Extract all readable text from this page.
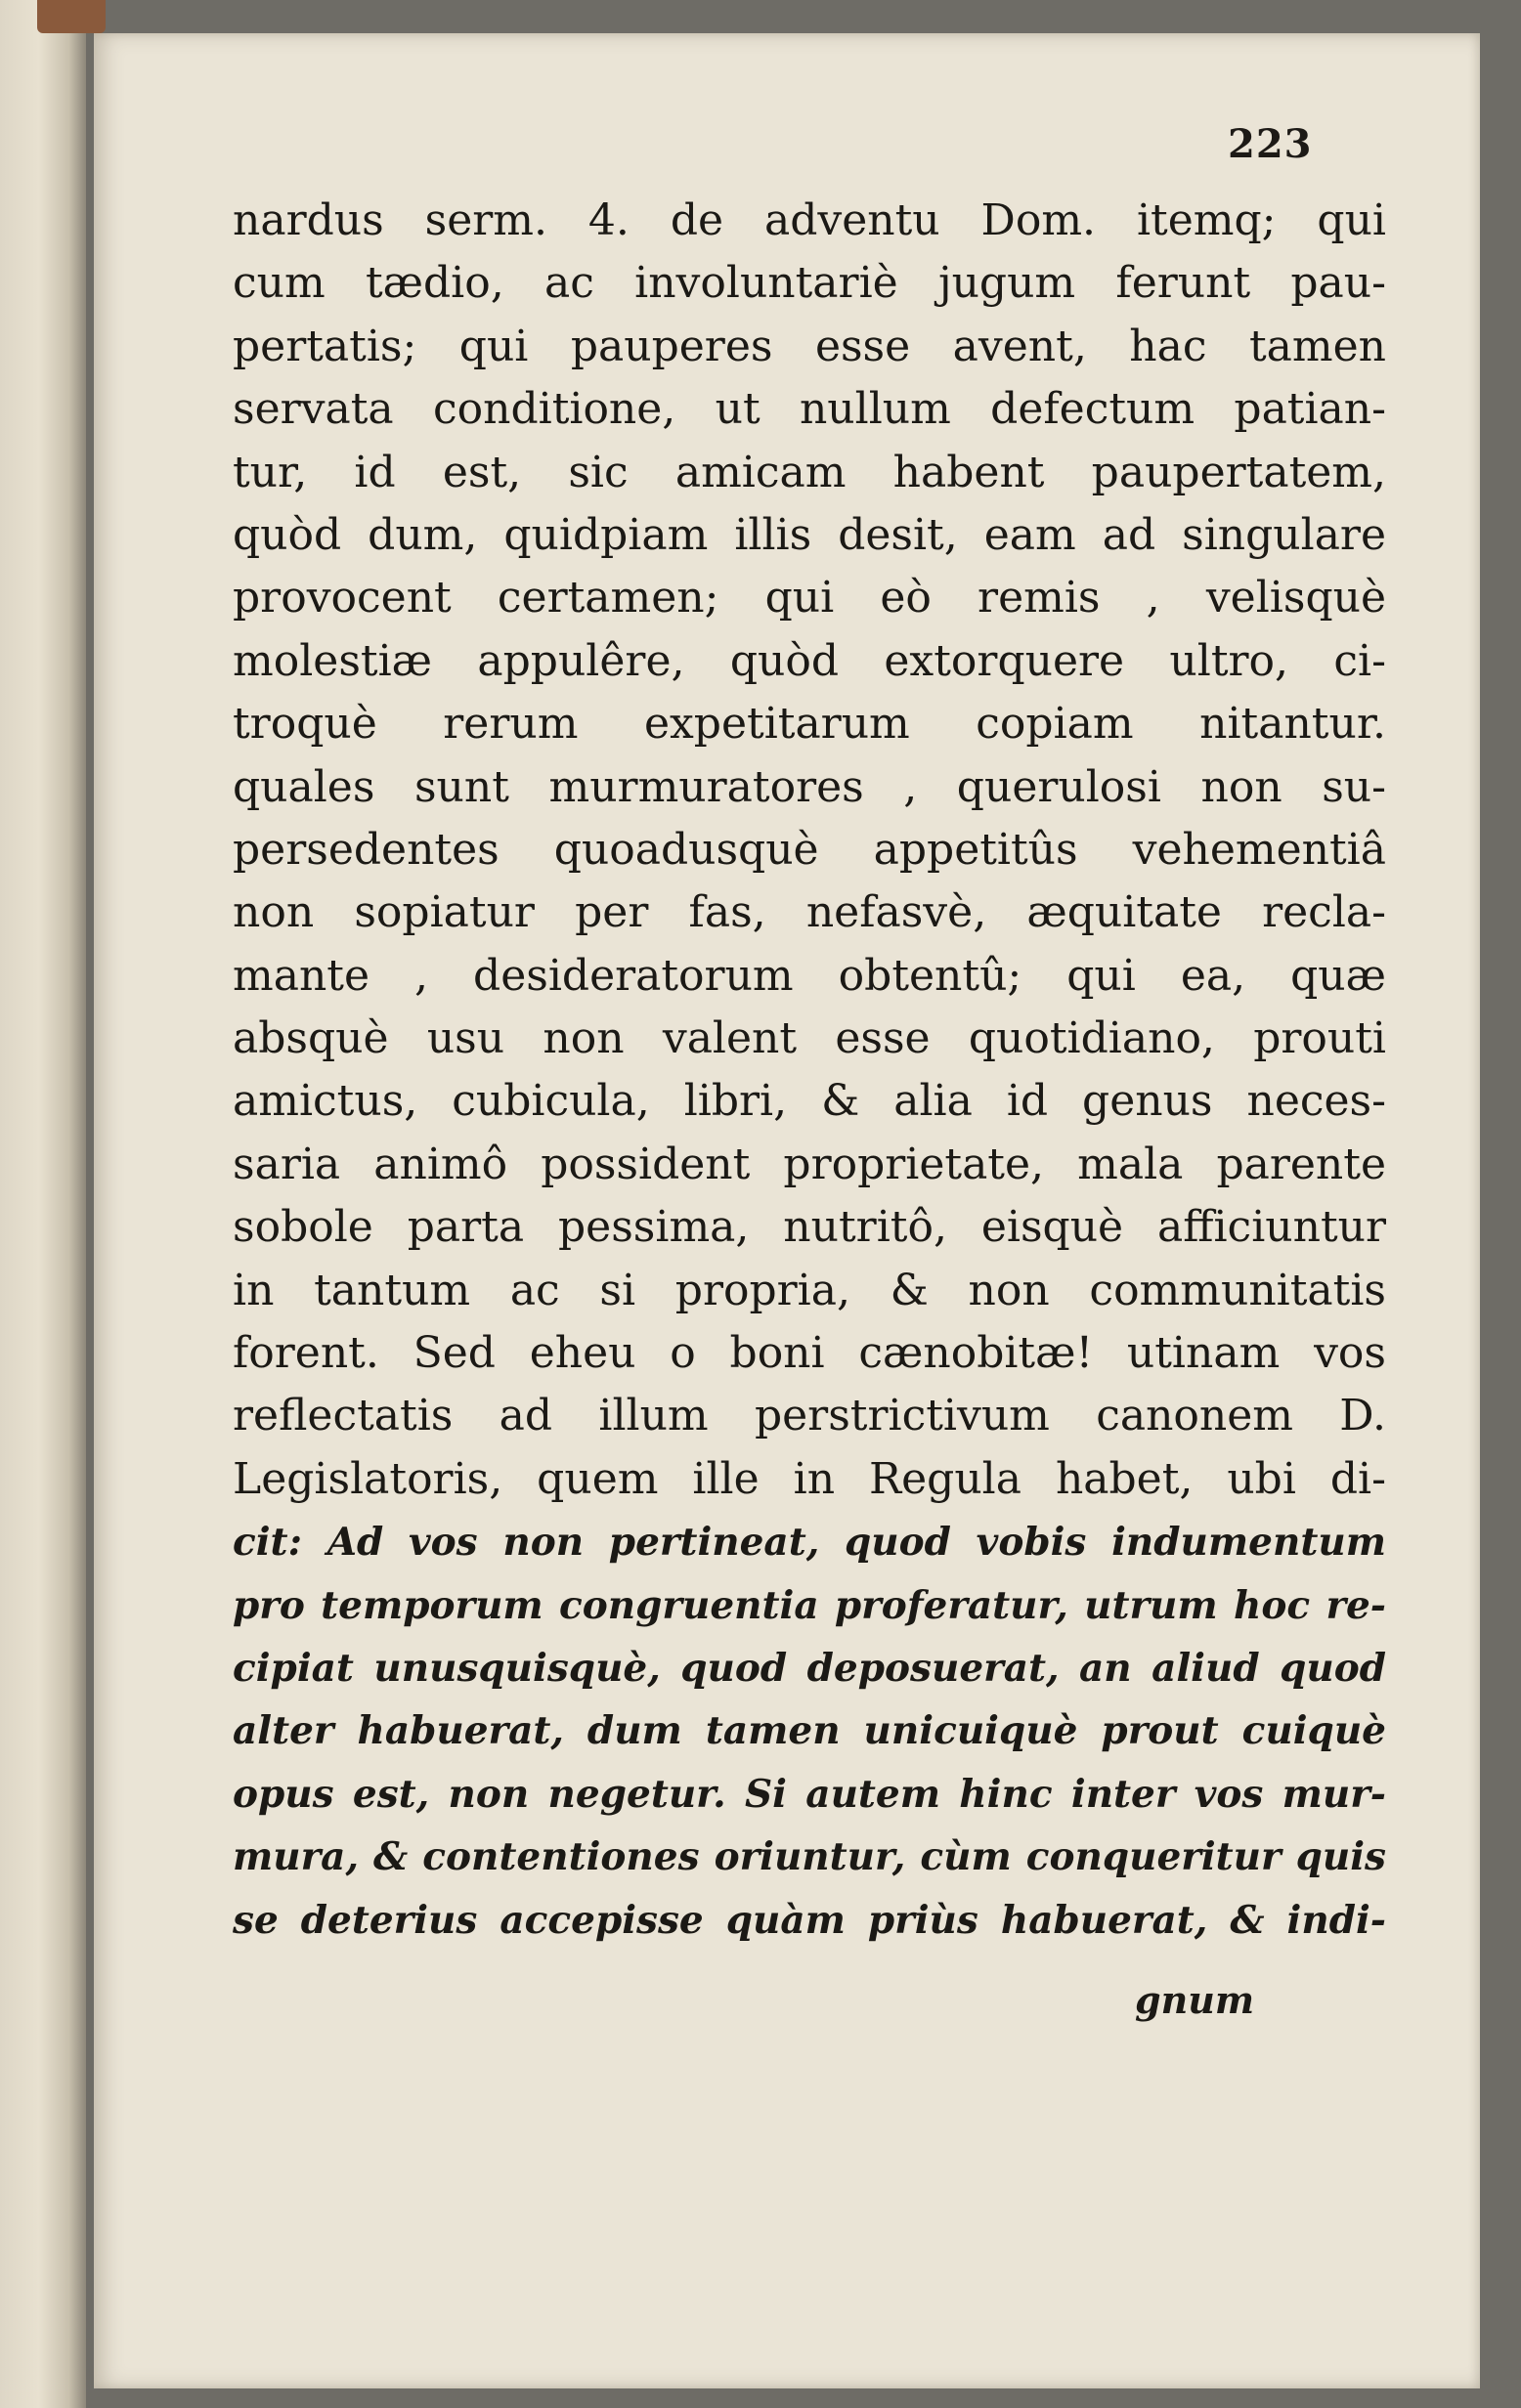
223
nardus serm. 4. de adventu Dom. itemq; qui
cum tædio, ac involuntariè jugum ferunt pau-
pertatis; qui pauperes esse avent, hac tamen
servata conditione, ut nullum defectum patian-
tur, id est, sic amicam habent paupertatem,
quòd dum, quidpiam illis desit, eam ad singulare
provocent certamen; qui eò remis , velisquè
molestiæ appulêre, quòd extorquere ultro, ci-
troquè rerum expetitarum copiam nitantur.
quales sunt murmuratores , querulosi non su-
persedentes quoadusquè appetitûs vehementiâ
non sopiatur per fas, nefasvè, æquitate recla-
mante , desideratorum obtentû; qui ea, quæ
absquè usu non valent esse quotidiano, prouti
amictus, cubicula, libri, & alia id genus neces-
saria animô possident proprietate, mala parente
sobole parta pessima, nutritô, eisquè afficiuntur
in tantum ac si propria, & non communitatis
forent. Sed eheu o boni cænobitæ! utinam vos
reflectatis ad illum perstrictivum canonem D.
Legislatoris, quem ille in Regula habet, ubi di-
cit: Ad vos non pertineat, quod vobis indumentum
pro temporum congruentia proferatur, utrum hoc re-
cipiat unusquisquè, quod deposuerat, an aliud quod
alter habuerat, dum tamen unicuiquè prout cuiquè
opus est, non negetur. Si autem hinc inter vos mur-
mura, & contentiones oriuntur, cùm conqueritur quis
se deterius accepisse quàm priùs habuerat, & indi-
gnum
